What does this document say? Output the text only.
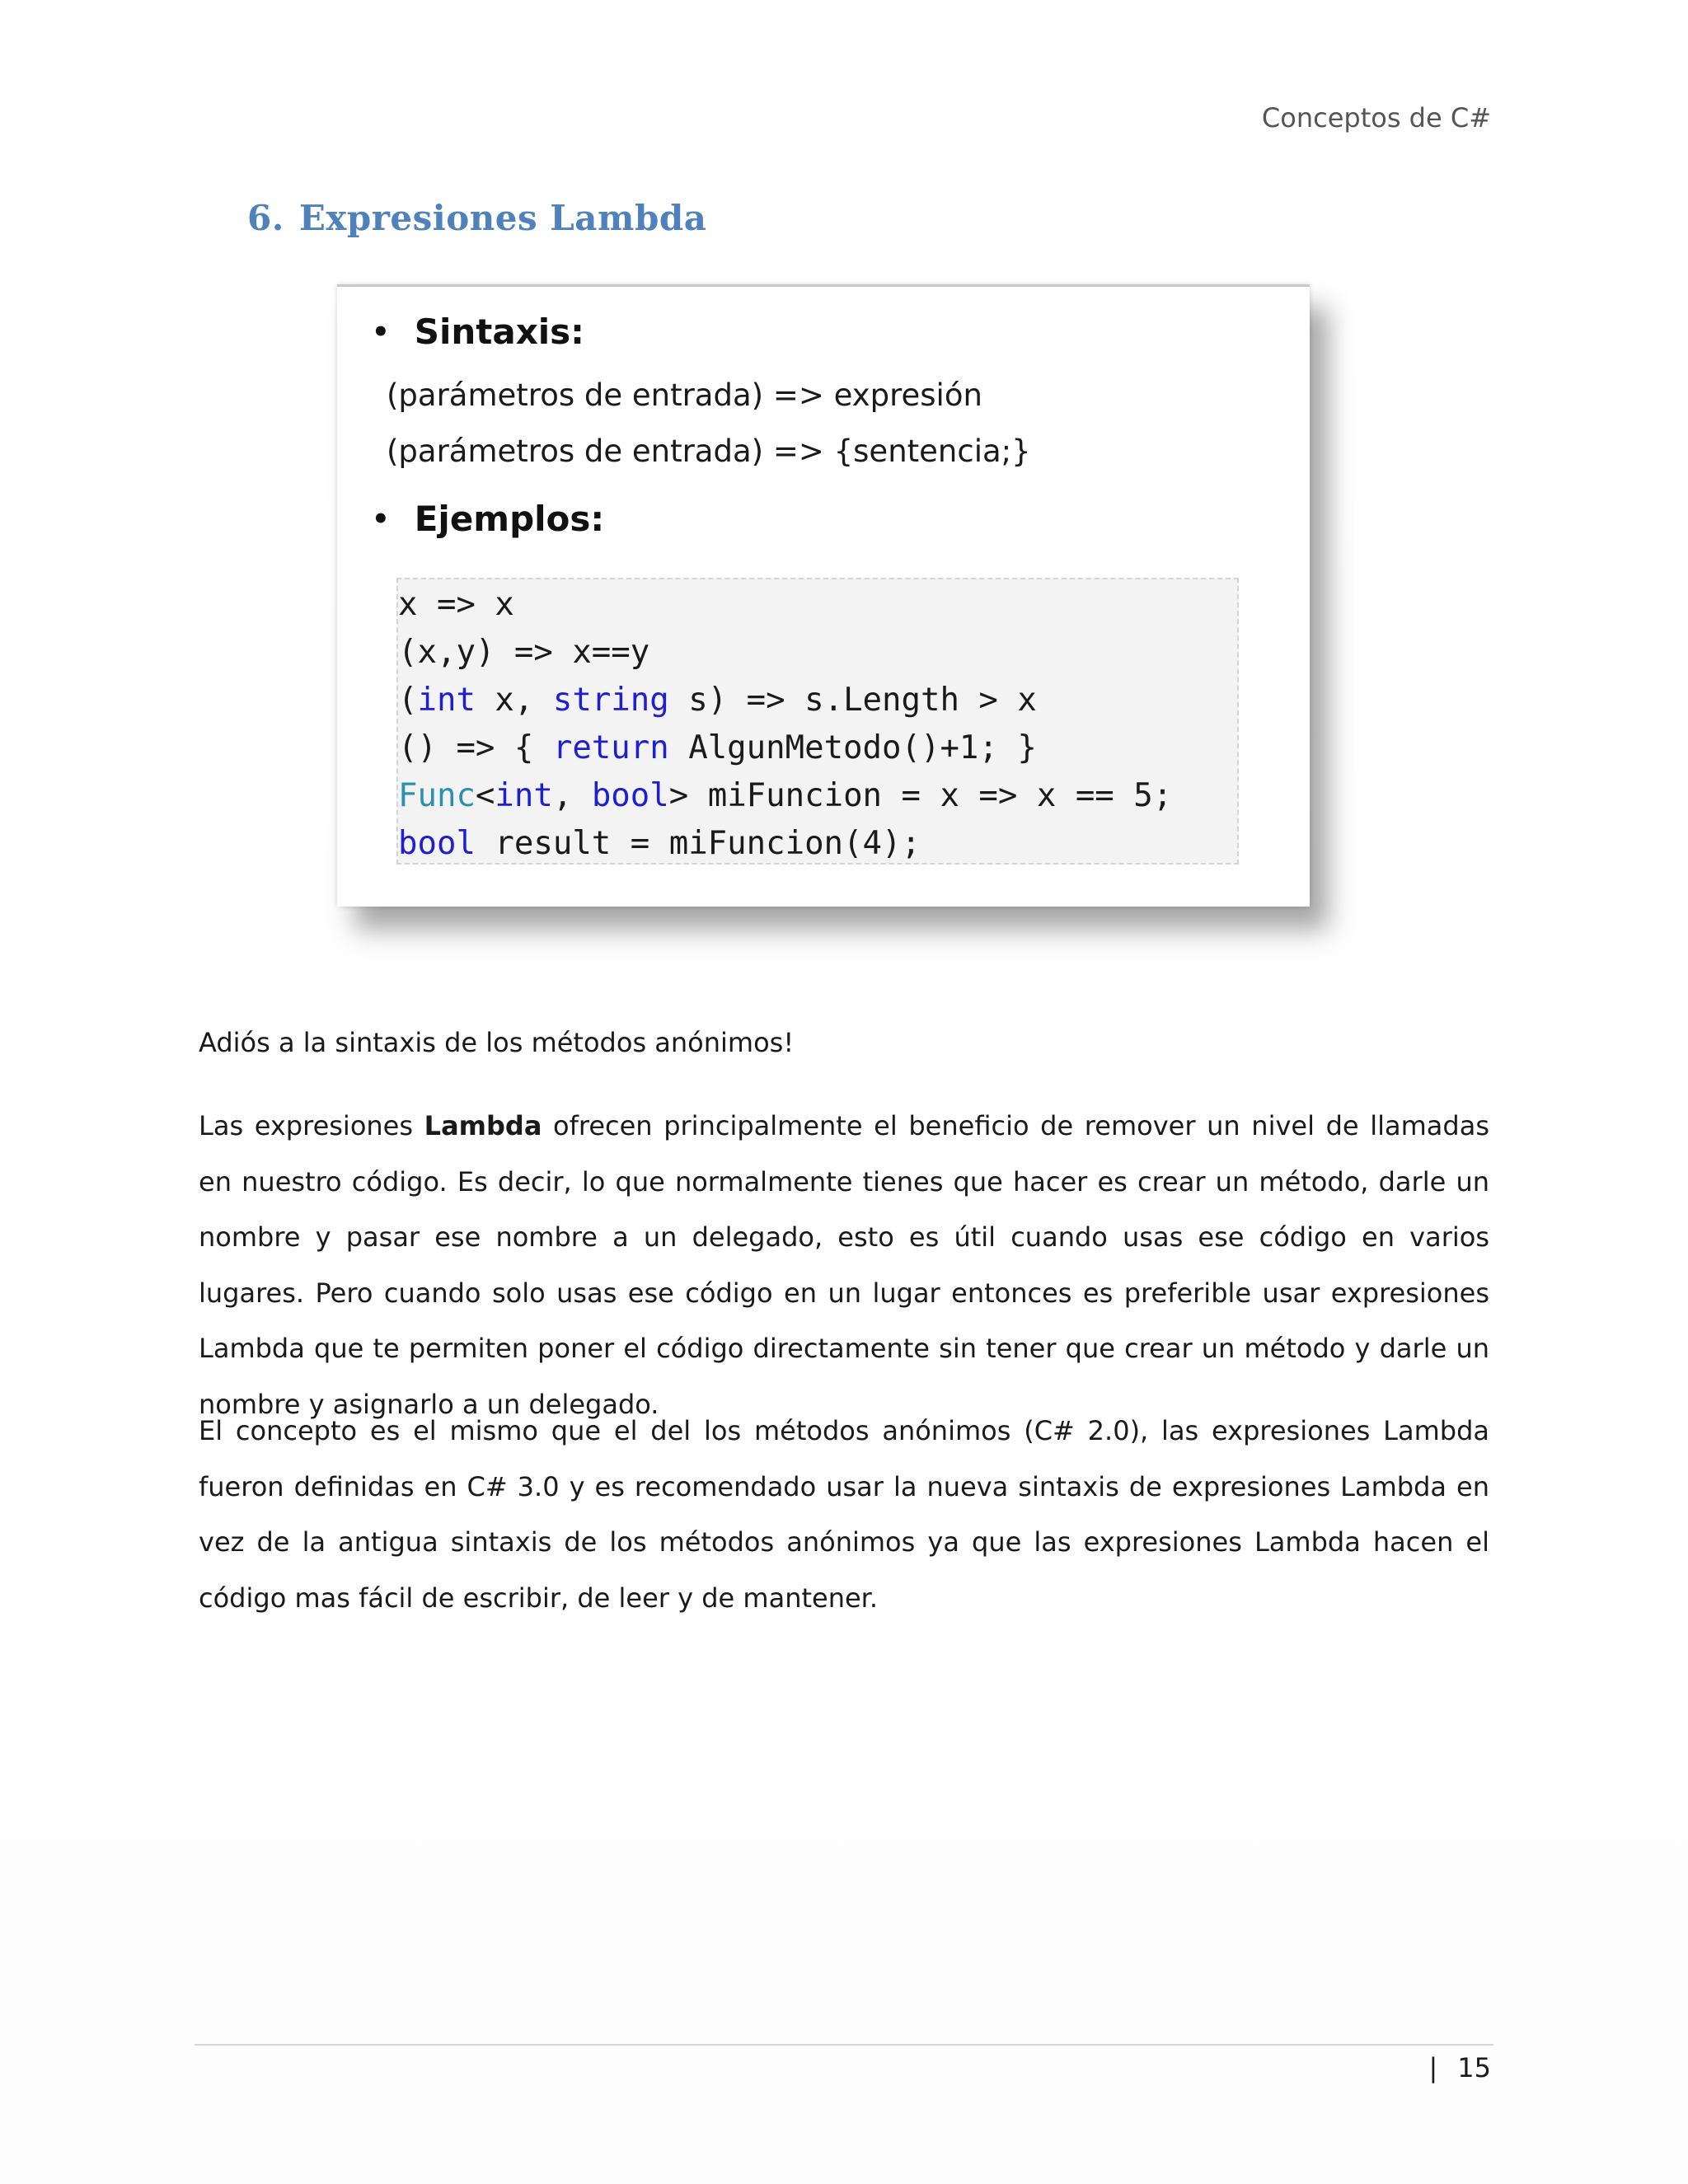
Conceptos de C#
6. Expresiones Lambda
• Sintaxis:
(parámetros de entrada) => expresión
(parámetros de entrada) => {sentencia;}
• Ejemplos:
x => x
(x,y) => x==y
(int x, string s) => s.Length > x
() => { return AlgunMetodo()+1; }
Func<int, bool> miFuncion = x => x == 5;
bool result = miFuncion(4);

Adiós a la sintaxis de los métodos anónimos!

Las expresiones Lambda ofrecen principalmente el beneficio de remover un nivel de llamadas en nuestro código. Es decir, lo que normalmente tienes que hacer es crear un método, darle un nombre y pasar ese nombre a un delegado, esto es útil cuando usas ese código en varios lugares. Pero cuando solo usas ese código en un lugar entonces es preferible usar expresiones Lambda que te permiten poner el código directamente sin tener que crear un método y darle un nombre y asignarlo a un delegado.

El concepto es el mismo que el del los métodos anónimos (C# 2.0), las expresiones Lambda fueron definidas en C# 3.0 y es recomendado usar la nueva sintaxis de expresiones Lambda en vez de la antigua sintaxis de los métodos anónimos ya que las expresiones Lambda hacen el código mas fácil de escribir, de leer y de mantener.

| 15
